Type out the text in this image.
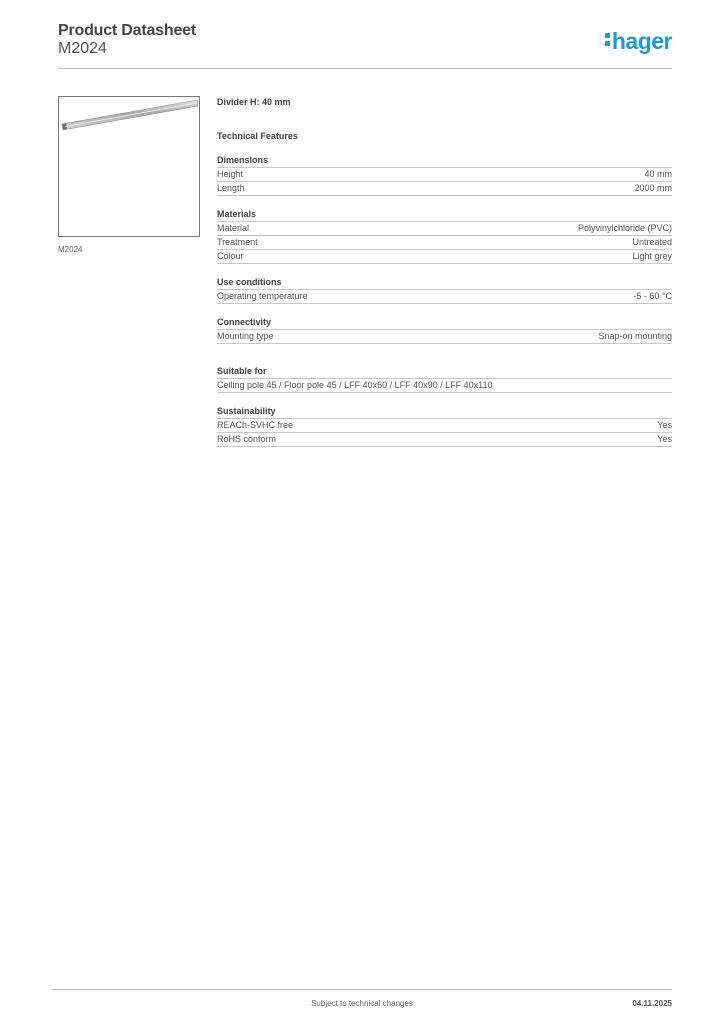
Product Datasheet
M2024	hager
M2024
Divider H: 40 mm
Technical Features
Dimensions
Height	40 mm
Length	2000 mm
Materials
Material	Polyvinylchloride (PVC)
Treatment	Untreated
Colour	Light grey
Use conditions
Operating temperature	-5 - 60 °C
Connectivity
Mounting type	Snap-on mounting
Suitable for
Ceiling pole 45 / Floor pole 45 / LFF 40x60 / LFF 40x90 / LFF 40x110
Sustainability
REACh-SVHC free	Yes
RoHS conform	Yes
Subject to technical changes	04.11.2025
